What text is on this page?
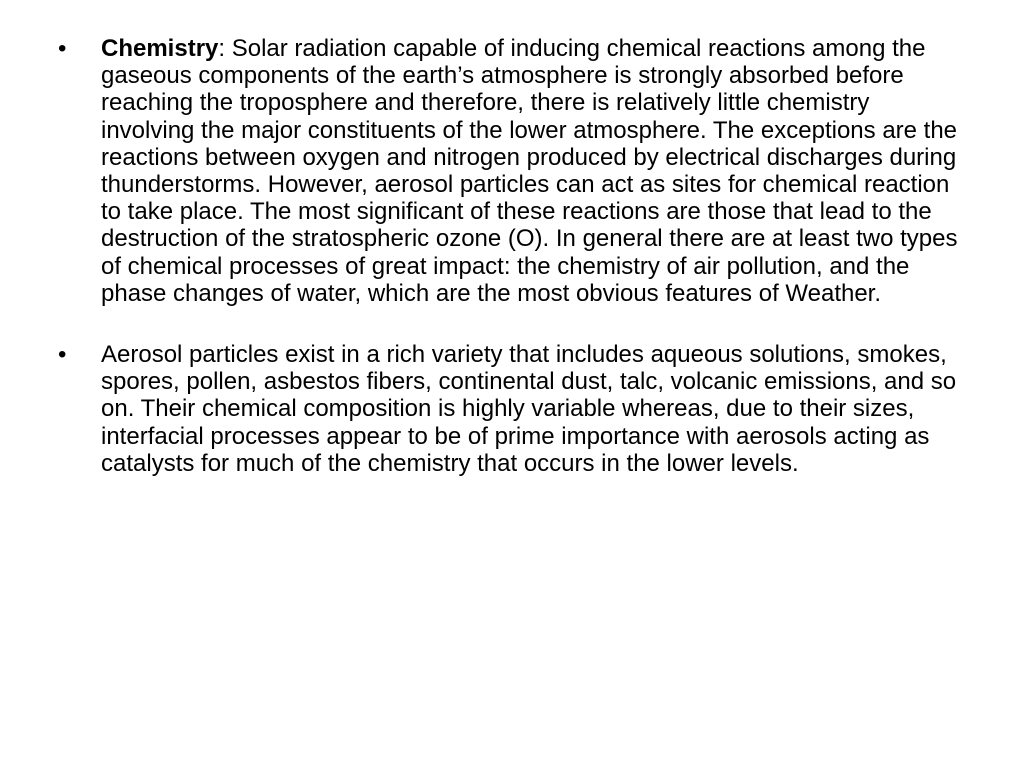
•	Chemistry: Solar radiation capable of inducing chemical reactions among the gaseous components of the earth’s atmosphere is strongly absorbed before reaching the troposphere and therefore, there is relatively little chemistry involving the major constituents of the lower atmosphere. The exceptions are the reactions between oxygen and nitrogen produced by electrical discharges during thunderstorms. However, aerosol particles can act as sites for chemical reaction to take place. The most significant of these reactions are those that lead to the destruction of the stratospheric ozone (O). In general there are at least two types of chemical processes of great impact: the chemistry of air pollution, and the phase changes of water, which are the most obvious features of Weather.
•	Aerosol particles exist in a rich variety that includes aqueous solutions, smokes, spores, pollen, asbestos fibers, continental dust, talc, volcanic emissions, and so on. Their chemical composition is highly variable whereas, due to their sizes, interfacial processes appear to be of prime importance with aerosols acting as catalysts for much of the chemistry that occurs in the lower levels.
